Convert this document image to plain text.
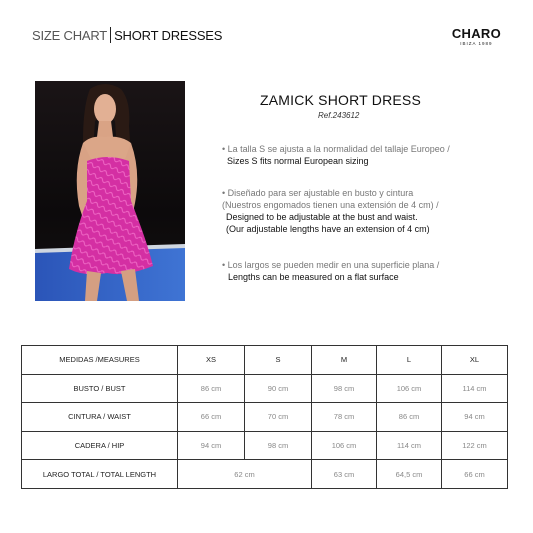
SIZE CHART SHORT DRESSES	CHARO
IBIZA 1989
ZAMICK SHORT DRESS
Ref.243612
• La talla S se ajusta a la normalidad del tallaje Europeo /
Sizes S fits normal European sizing
• Diseñado para ser ajustable en busto y cintura
(Nuestros engomados tienen una extensión de 4 cm) /
Designed to be adjustable at the bust and waist.
(Our adjustable lengths have an extension of 4 cm)
• Los largos se pueden medir en una superficie plana /
Lengths can be measured on a flat surface
MEDIDAS /MEASURES	XS	S	M	L	XL
BUSTO / BUST	86 cm	90 cm	98 cm	106 cm	114 cm
CINTURA / WAIST	66 cm	70 cm	78 cm	86 cm	94 cm
CADERA / HIP	94 cm	98 cm	106 cm	114 cm	122 cm
LARGO TOTAL / TOTAL LENGTH	62 cm		63 cm	64,5 cm	66 cm
